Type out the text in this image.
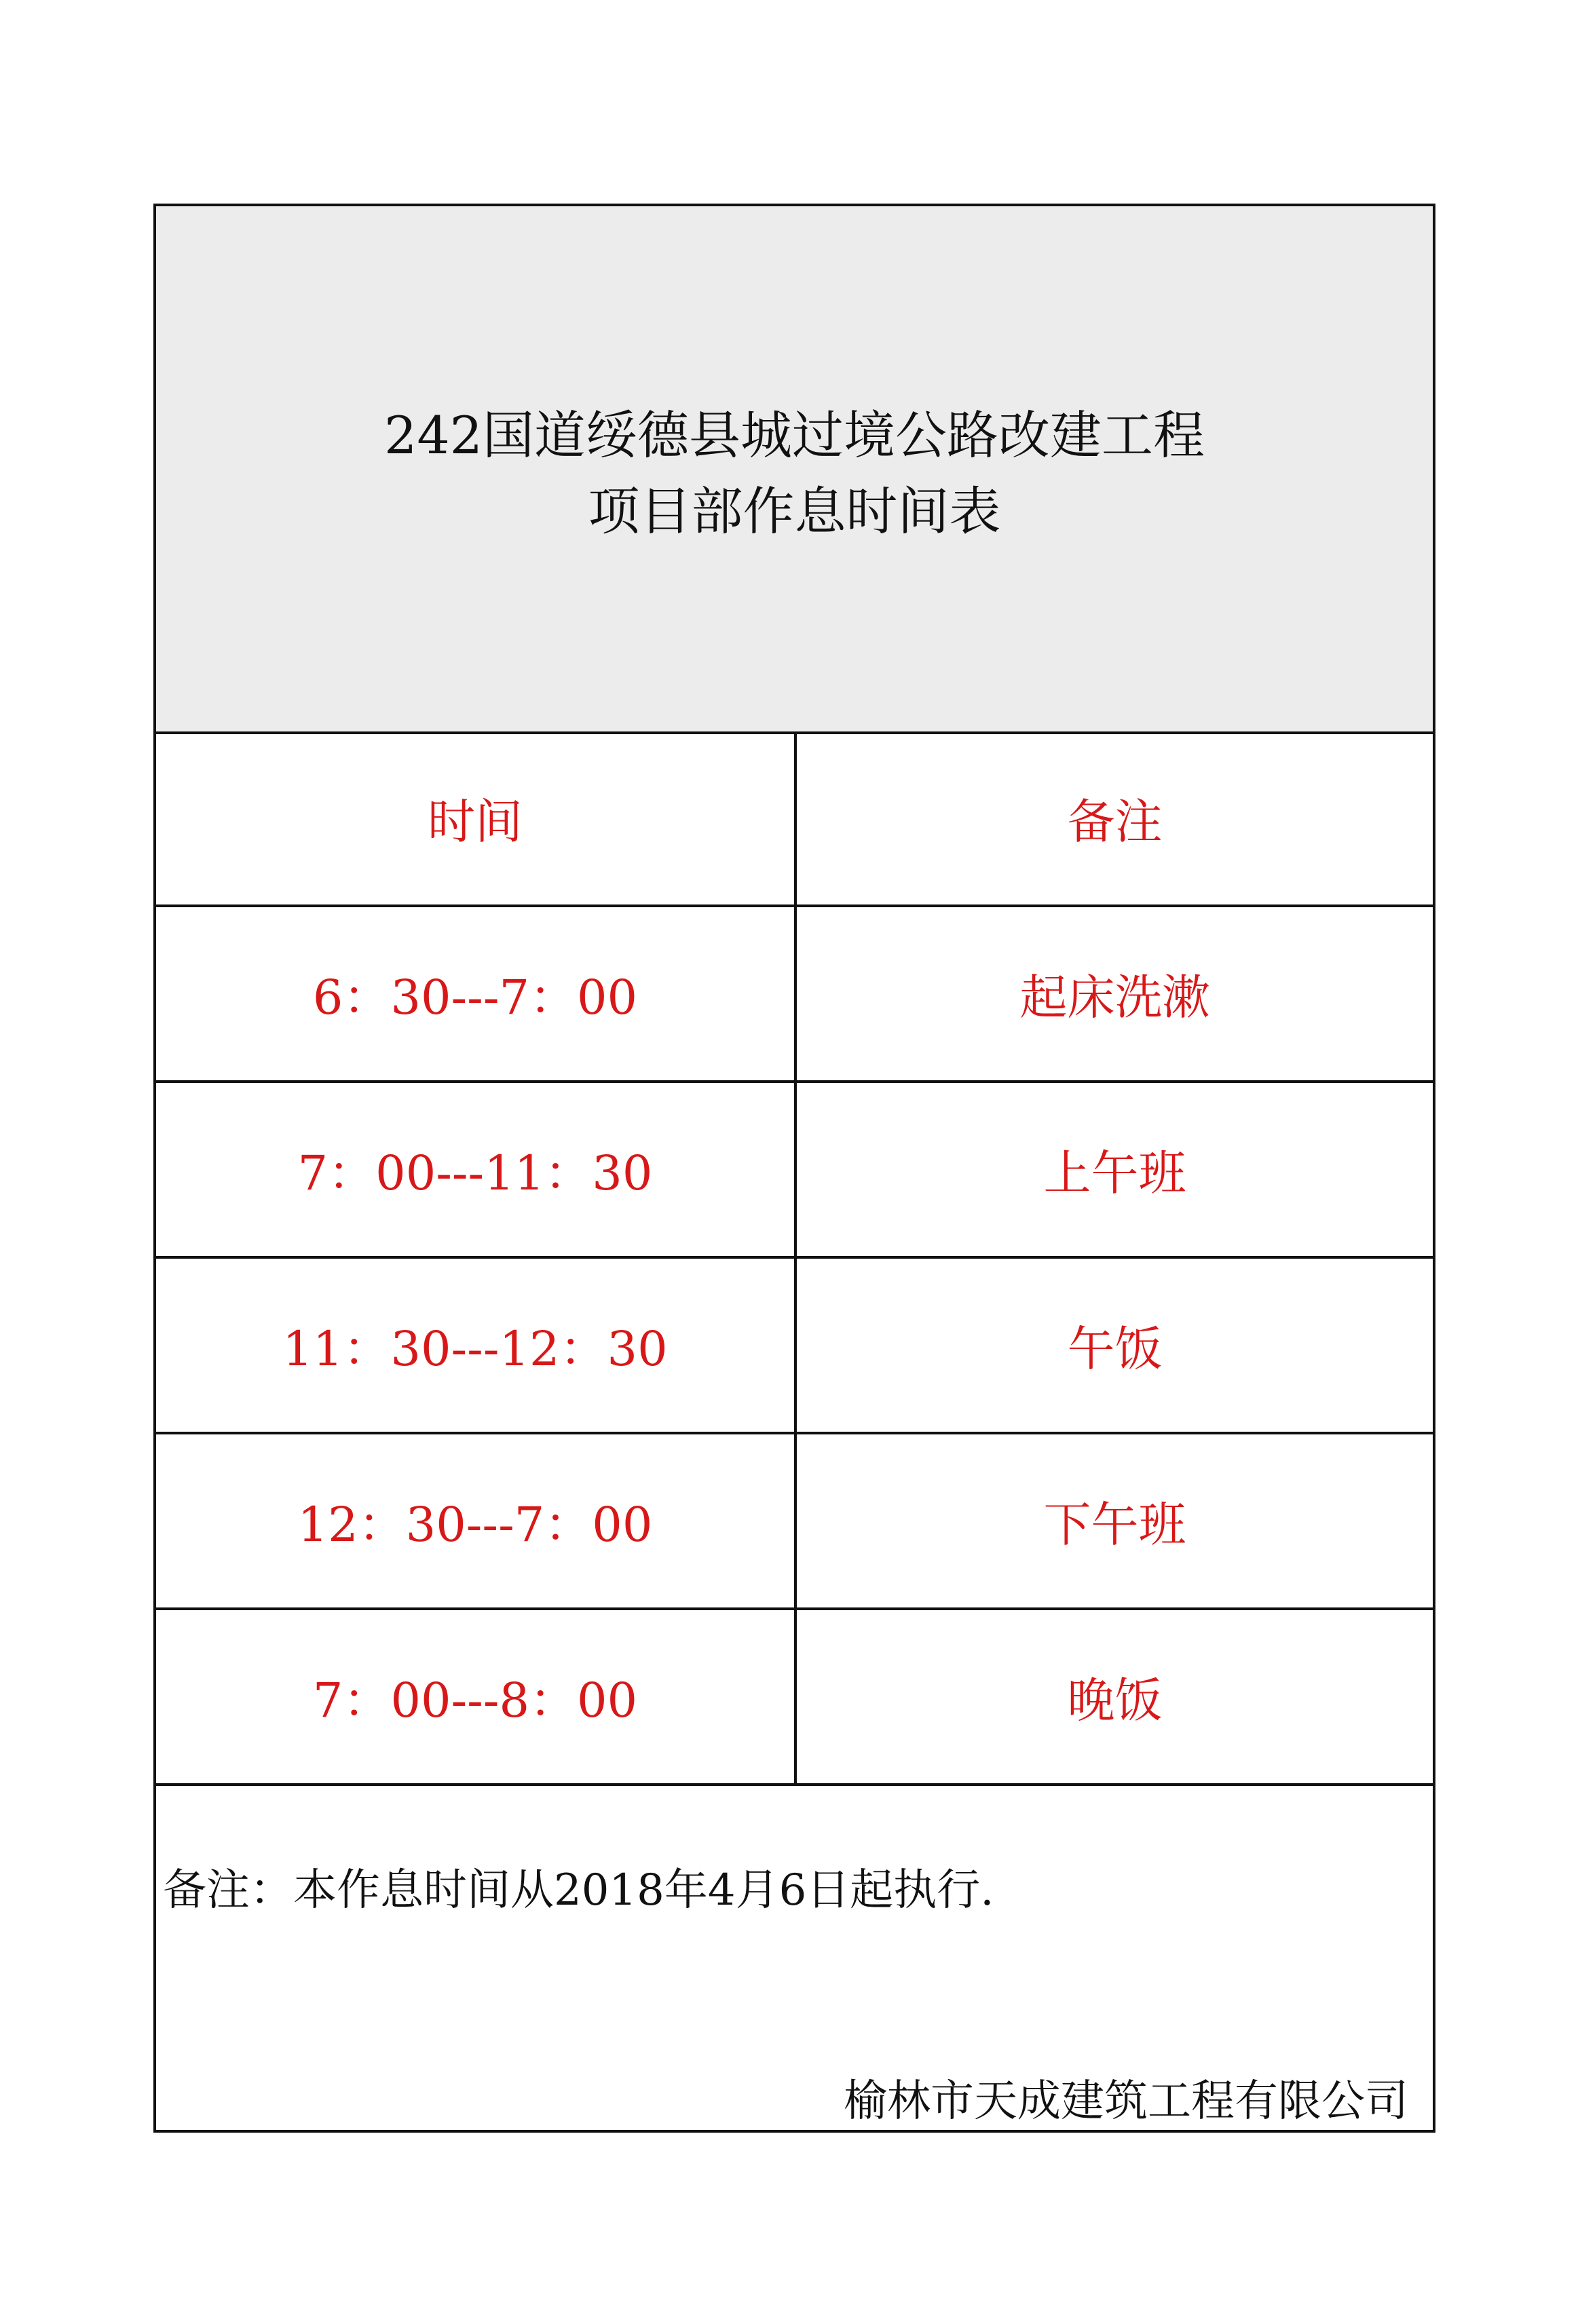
242国道绥德县城过境公路改建工程
项目部作息时间表
时间	备注
6：30---7：00	起床洗漱
7：00---11：30	上午班
11：30---12：30	午饭
12：30---7：00	下午班
7：00---8：00	晚饭
备注：本作息时间从2018年4月6日起执行.
榆林市天成建筑工程有限公司
